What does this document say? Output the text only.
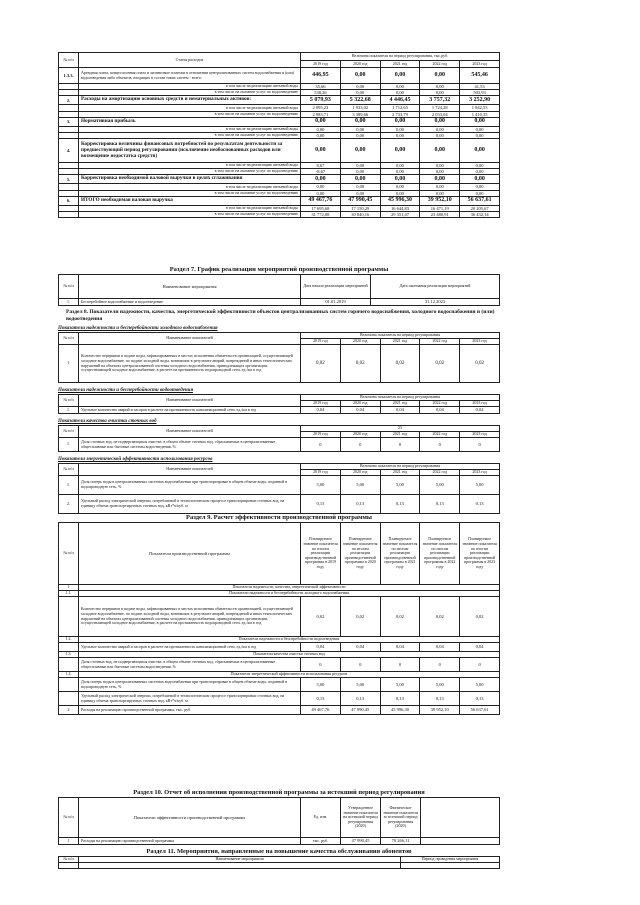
№ п/п	Статья расходов	Величина показателя на период регулирования, тыс.руб.				
		2019 год	2020 год	2021 год	2022 год	2023 год
1.3.3.	Арендная плата, концессионная плата и лизинговые платежи в отношении централизованных систем водоснабжения и (или) водоотведения либо объектов, входящих в состав таких систем - всего:	446,95	0,00	0,00	0,00	545,46
	в том числе на реализацию питьевой воды	35,66	0,00	0,00	0,00	41,53
	в том числе на оказание услуг по водоотведению	538,26	0,00	0,00	0,00	503,93
2.	Расходы на амортизацию основных средств и нематериальных активов:	5 079,93	5 322,68	4 446,45	3 757,32	3 252,90
	в том числе на реализацию питьевой воды	2 095,23	1 933,02	1 712,65	1 724,28	1 842,53
	в том числе на оказание услуг по водоотведению	2 983,71	3 389,66	2 733,79	2 033,04	1 410,35
3.	Нормативная прибыль	0,00	0,00	0,00	0,00	0,00
	в том числе на реализацию питьевой воды	0,00	0,00	0,00	0,00	0,00
	в том числе на оказание услуг по водоотведению	0,00	0,00	0,00	0,00	0,00
4.	Корректировка величины финансовых потребностей по результатам деятельности за предшествующий период регулирования (исключение необоснованных расходов или возмещение недостатка средств)	0,00	0,00	0,00	0,00	0,00
	в том числе на реализацию питьевой воды	8,67	0,00	0,00	0,00	0,00
	в том числе на оказание услуг по водоотведению	-8,67	0,00	0,00	0,00	0,00
5.	Корректировка необходимой валовой выручки в целях сглаживания	0,00	0,00	0,00	0,00	0,00
	в том числе на реализацию питьевой воды	0,00	0,00	0,00	0,00	0,00
	в том числе на оказание услуг по водоотведению	0,00	0,00	0,00	0,00	0,00
6.	ИТОГО необходимая валовая выручка	49 467,76	47 990,45	45 996,30	39 952,10	56 637,61
	в том числе на реализацию питьевой воды	17 695,68	17 150,29	16 644,83	16 471,19	20 205,67
	в том числе на оказание услуг по водоотведению	31 772,08	30 840,16	29 351,47	23 480,91	36 432,14
Раздел 7. График реализации мероприятий производственной программы
№ п/п	Наименование мероприятия	Дата начала реализации мероприятий	Дата окончания реализации мероприятий
1.	Бесперебойное водоснабжение и водоотведение	01.01.2019	31.12.2023
Раздел 8. Показатели надежности, качества, энергетической эффективности объектов централизованных систем горячего водоснабжения, холодного водоснабжения и (или) водоотведения
Показатели надежности и бесперебойности холодного водоснабжения
№ п/п	Наименование показателей	Величина показателя на период регулирования				
		2019 год	2020 год	2021 год	2022 год	2023 год
1	Количество перерывов в подаче воды, зафиксированных в местах исполнения обязательств организацией, осуществляющей холодное водоснабжение, по подаче холодной воды, возникших в результате аварий, повреждений и иных технологических нарушений на объектах централизованной системы холодного водоснабжения, принадлежащих организации, осуществляющей холодное водоснабжение, в расчете на протяженность водопроводной сети, ед./км в год	0,02	0,02	0,02	0,02	0,02
Показатели надежности и бесперебойности водоотведения
№ п/п	Наименование показателей	Величина показателя на период регулирования				
		2019 год	2020 год	2021 год	2022 год	2023 год
1.	Удельное количество аварий и засоров в расчете на протяженность канализационной сети, ед./км в год	0,04	0,04	0,04	0,04	0,04
Показатели качества очистки сточных вод
№ п/п	Наименование показателей	23				
		2019 год	2020 год	2021 год	2022 год	2023 год
1.	Доля сточных вод, не подвергающихся очистке, в общем объеме сточных вод, сбрасываемых в централизованные общесплавные или бытовые системы водоотведения, %	0	0	0	0	0
Показатели энергетической эффективности использования ресурсов
№ п/п	Наименование показателей	Величина показателя на период регулирования				
		2019 год	2020 год	2021 год	2022 год	2023 год
1.	Доля потерь воды в централизованных системах водоснабжения при транспортировке в общем объеме воды, поданной в водопроводную сеть, %	5,00	5,00	5,00	5,00	5,00
2.	Удельный расход электрической энергии, потребляемой в технологическом процессе транспортировки сточных вод, на единицу объема транспортируемых сточных вод, кВт*ч/куб. м	0,13	0,13	0,13	0,13	0,13
Раздел 9. Расчет эффективности производственной программы
№ п/п	Показатели производственной программы	Планируемое значение показателя по итогам реализации производственной программы в 2019 году	Планируемое значение показателя по итогам реализации производственной программы в 2020 году	Планируемое значение показателя по итогам реализации производственной программы в 2021 году	Планируемое значение показателя по итогам реализации производственной программы в 2022 году	Планируемое значение показателя по итогам реализации производственной программы в 2023 году
1	Показатели надежности, качества, энергетической эффективности					
1.1.	Показатели надежности и бесперебойности холодного водоснабжения					
	Количество перерывов в подаче воды, зафиксированных в местах исполнения обязательств организацией, осуществляющей холодное водоснабжение, по подаче холодной воды, возникших в результате аварий, повреждений и иных технологических нарушений на объектах централизованной системы холодного водоснабжения, принадлежащих организации, осуществляющей холодное водоснабжение, в расчете на протяженность водопроводной сети, ед./км в год	0,02	0,02	0,02	0,02	0,02
1.2.	Показатели надежности и бесперебойности водоотведения					
	Удельное количество аварий и засоров в расчете на протяженность канализационной сети, ед./км в год	0,04	0,04	0,04	0,04	0,04
1.3.	Показатели качества очистки сточных вод					
	Доля сточных вод, не подвергающихся очистке, в общем объеме сточных вод, сбрасываемых в централизованные общесплавные или бытовые системы водоотведения, %	0	0	0	0	0
1.4.	Показатели энергетической эффективности использования ресурсов					
	Доля потерь воды в централизованных системах водоснабжения при транспортировке в общем объеме воды, поданной в водопроводную сеть, %	5,00	5,00	5,00	5,00	5,00
	Удельный расход электрической энергии, потребляемой в технологическом процессе транспортировки сточных вод, на единицу объема транспортируемых сточных вод, кВт*ч/куб. м	0,13	0,13	0,13	0,13	0,13
2	Расходы на реализацию производственной программы, тыс. руб.	49 467,76	47 990,45	45 996,30	39 952,10	56 637,61
Раздел 10. Отчет об исполнении производственной программы за истекший период регулирования
№ п/п	Показатели эффективности производственной программы	Ед. изм.	Утвержденное значение показателя на истекший период регулирования (2020)	Фактическое значение показателя за истекший период регулирования (2020)	
1	Расходы на реализацию производственной программы	тыс. руб.	47 990,45	70 266,11	
Раздел 11. Мероприятия, направленные на повышение качества обслуживания абонентов
№ п/п	Наименование мероприятия	Период проведения мероприятия
